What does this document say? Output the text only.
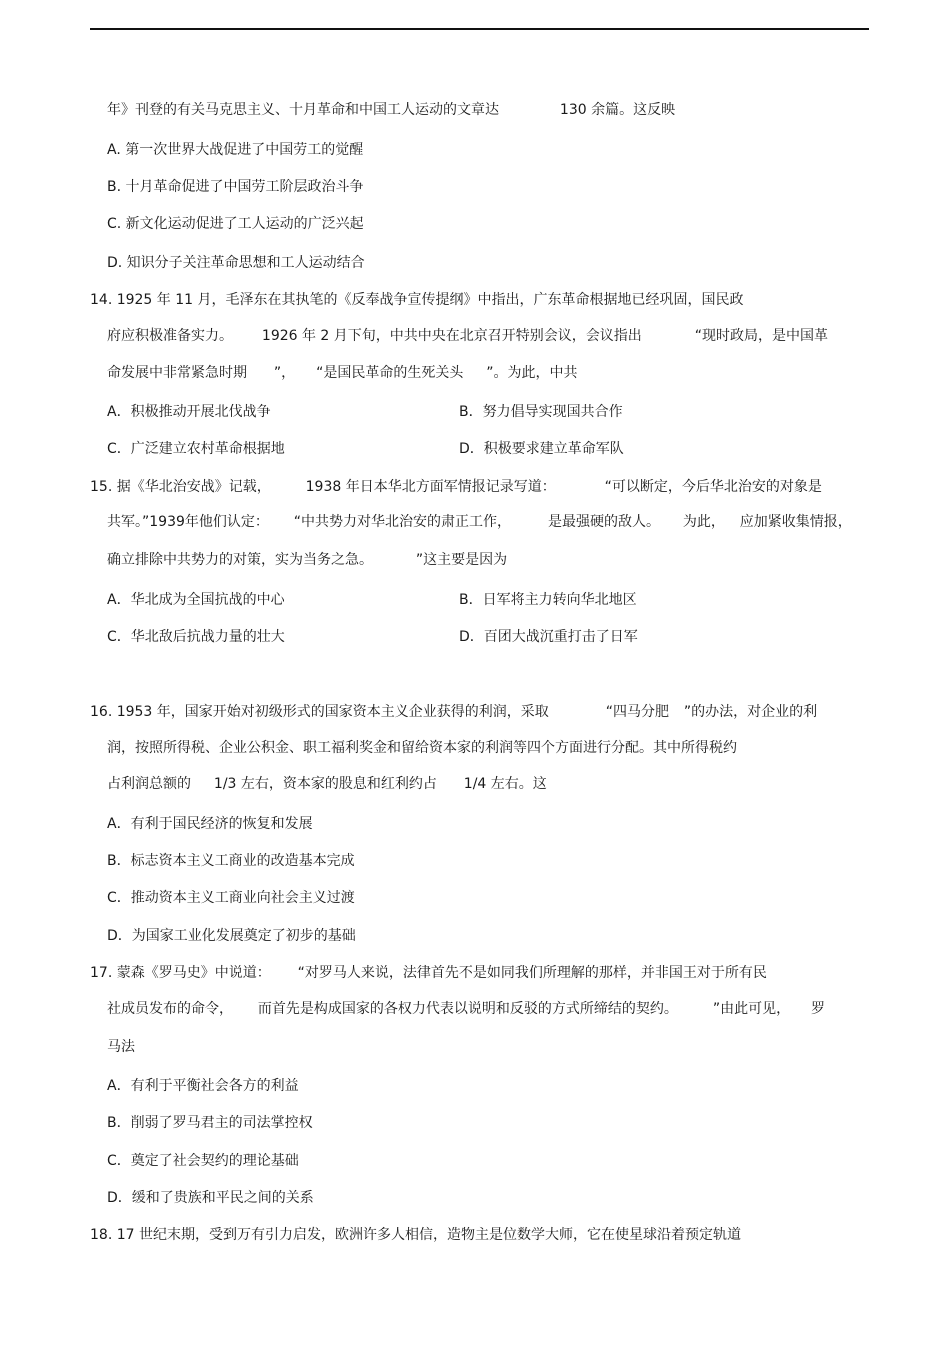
年》刊登的有关马克思主义、十月革命和中国工人运动的文章达	130 余篇。这反映
A. 第一次世界大战促进了中国劳工的觉醒
B. 十月革命促进了中国劳工阶层政治斗争
C. 新文化运动促进了工人运动的广泛兴起
D. 知识分子关注革命思想和工人运动结合
14. 1925 年 11 月，毛泽东在其执笔的《反奉战争宣传提纲》中指出，广东革命根据地已经巩固，国民政
府应积极准备实力。 1926 年 2 月下旬，中共中央在北京召开特别会议，会议指出	“现时政局，是中国革
命发展中非常紧急时期 ”， “是国民革命的生死关头 ”。为此，中共
A．积极推动开展北伐战争	B．努力倡导实现国共合作
C．广泛建立农村革命根据地	D．积极要求建立革命军队
15. 据《华北治安战》记载， 1938 年日本华北方面军情报记录写道：	“可以断定，今后华北治安的对象是
共军。”1939年他们认定： “中共势力对华北治安的肃正工作，	是最强硬的敌人。 为此， 应加紧收集情报，
确立排除中共势力的对策，实为当务之急。	”这主要是因为
A．华北成为全国抗战的中心	B．日军将主力转向华北地区
C．华北敌后抗战力量的壮大	D．百团大战沉重打击了日军
16. 1953 年，国家开始对初级形式的国家资本主义企业获得的利润，采取	“四马分肥 ”的办法，对企业的利
润，按照所得税、企业公积金、职工福利奖金和留给资本家的利润等四个方面进行分配。其中所得税约
占利润总额的 1/3 左右，资本家的股息和红利约占 1/4 左右。这
A．有利于国民经济的恢复和发展
B．标志资本主义工商业的改造基本完成
C．推动资本主义工商业向社会主义过渡
D．为国家工业化发展奠定了初步的基础
17. 蒙森《罗马史》中说道： “对罗马人来说，法律首先不是如同我们所理解的那样，并非国王对于所有民
社成员发布的命令， 而首先是构成国家的各权力代表以说明和反驳的方式所缔结的契约。 ”由此可见， 罗
马法
A．有利于平衡社会各方的利益
B．削弱了罗马君主的司法掌控权
C．奠定了社会契约的理论基础
D．缓和了贵族和平民之间的关系
18. 17 世纪末期，受到万有引力启发，欧洲许多人相信，造物主是位数学大师，它在使星球沿着预定轨道
